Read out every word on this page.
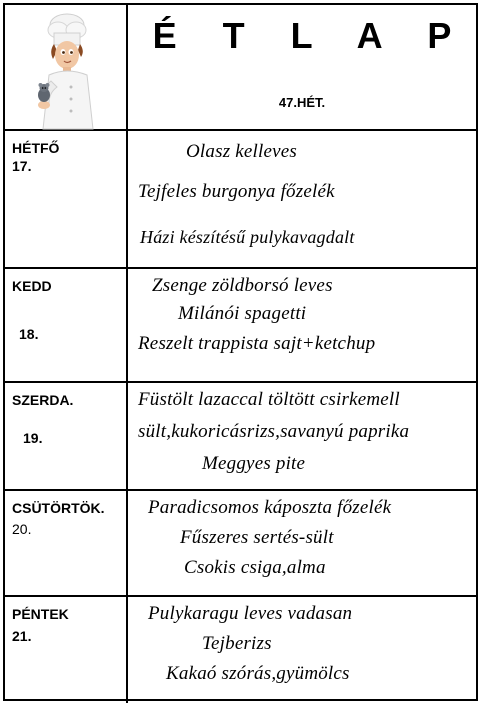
É T L A P
47.HÉT.
HÉTFŐ
17.
Olasz kelleves
Tejfeles burgonya főzelék
Házi készítésű pulykavagdalt
KEDD
18.
Zsenge zöldborsó leves
Milánói spagetti
Reszelt trappista sajt+ketchup
SZERDA.
19.
Füstölt lazaccal töltött csirkemell
sült,kukoricásrizs,savanyú paprika
Meggyes pite
CSÜTÖRTÖK.
20.
Paradicsomos káposzta főzelék
Fűszeres sertés-sült
Csokis csiga,alma
PÉNTEK
21.
Pulykaragu leves vadasan
Tejberizs
Kakaó szórás,gyümölcs
